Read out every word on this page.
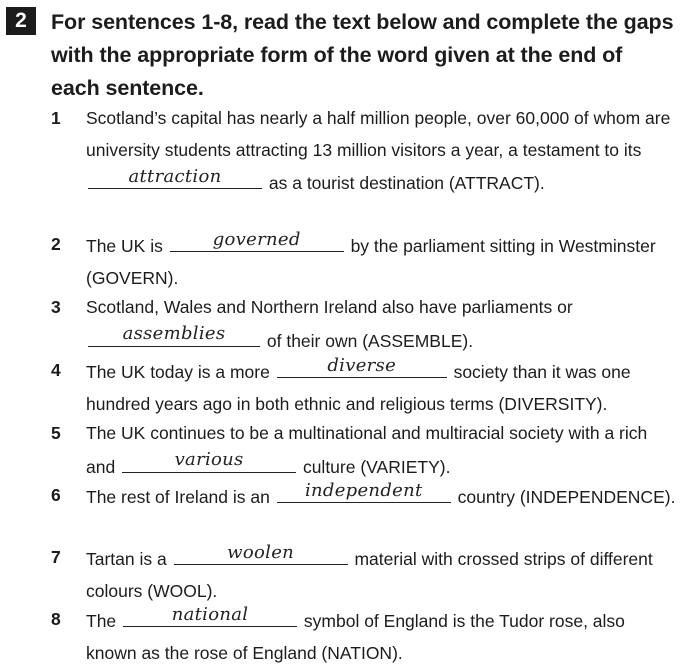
2	For sentences 1-8, read the text below and complete the gaps with the appropriate form of the word given at the end of each sentence.
1 Scotland’s capital has nearly a half million people, over 60,000 of whom are university students attracting 13 million visitors a year, a testament to its
attraction	as a tourist destination (ATTRACT).
2 The UK is	governed	by the parliament sitting in Westminster (GOVERN).
3 Scotland, Wales and Northern Ireland also have parliaments or
assemblies	of their own (ASSEMBLE).
4 The UK today is a more	diverse	society than it was one hundred years ago in both ethnic and religious terms (DIVERSITY).
5 The UK continues to be a multinational and multiracial society with a rich and	various	culture (VARIETY).
6 The rest of Ireland is an	independent	country (INDEPENDENCE).
7 Tartan is a	woolen	material with crossed strips of different colours (WOOL).
8 The	national	symbol of England is the Tudor rose, also known as the rose of England (NATION).
